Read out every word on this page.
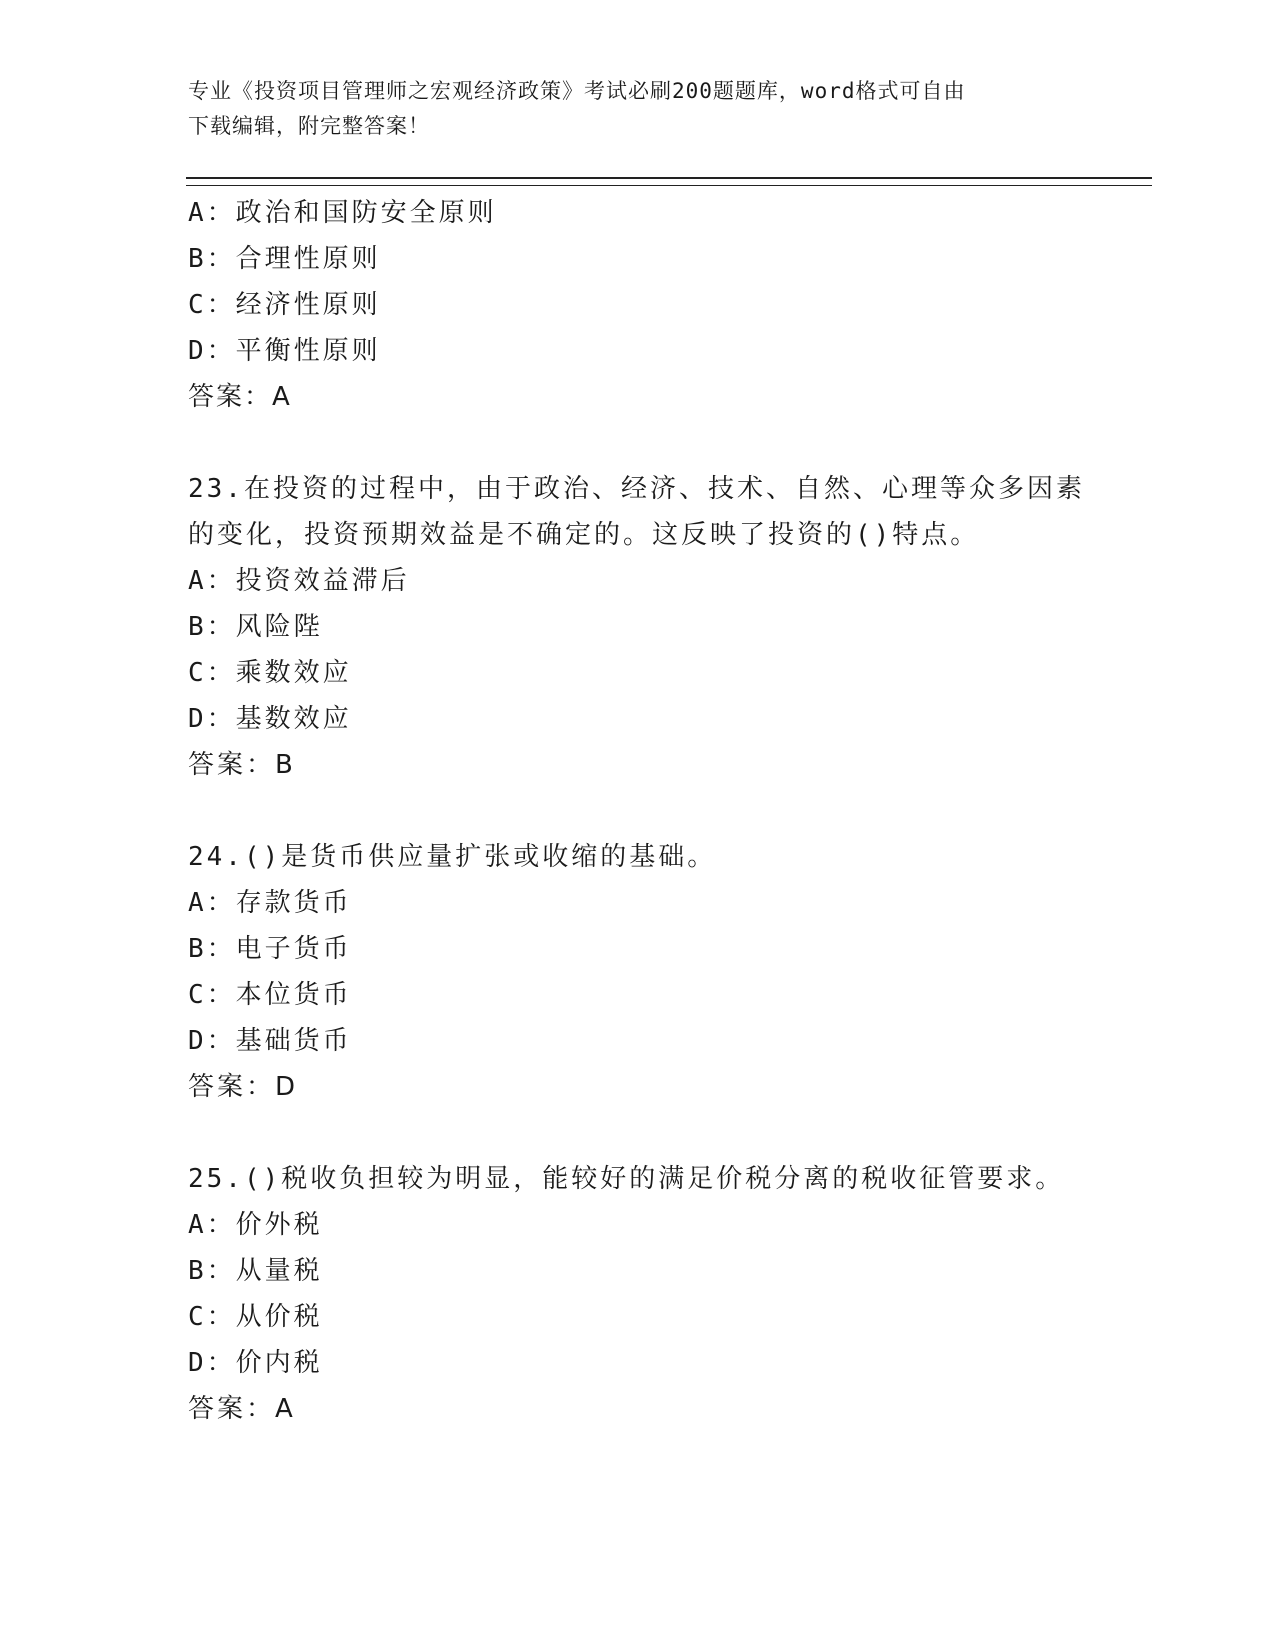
专业《投资项目管理师之宏观经济政策》考试必刷200题题库，word格式可自由
下载编辑，附完整答案！
A：政治和国防安全原则
B：合理性原则
C：经济性原则
D：平衡性原则
答案：A
23.在投资的过程中，由于政治、经济、技术、自然、心理等众多因素
的变化，投资预期效益是不确定的。这反映了投资的()特点。
A：投资效益滞后
B：风险陛
C：乘数效应
D：基数效应
答案：B
24.()是货币供应量扩张或收缩的基础。
A：存款货币
B：电子货币
C：本位货币
D：基础货币
答案：D
25.()税收负担较为明显，能较好的满足价税分离的税收征管要求。
A：价外税
B：从量税
C：从价税
D：价内税
答案：A
